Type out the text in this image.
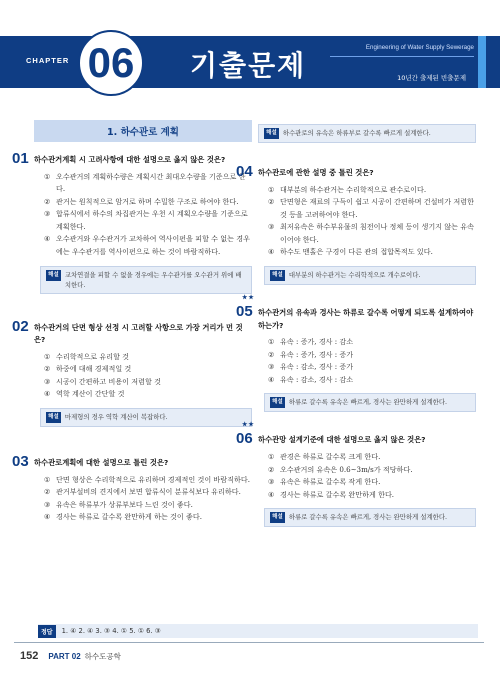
CHAPTER 06 기출문제
Engineering of Water Supply Sewerage
10년간 출제된 빈출문제
1. 하수관로 계획
01 하수관거계획 시 고려사항에 대한 설명으로 옳지 않은 것은?
① 오수관거의 계획하수량은 계획시간 최대오수량을 기준으로 한다.
② 관거는 원칙적으로 암거로 하며 수밀한 구조로 하여야 한다.
③ 합류식에서 하수의 차집관거는 우천 시 계획오수량을 기준으로 계획한다.
④ 오수관거와 우수관거가 교차하여 역사이펀을 피할 수 없는 경우에는 우수관거를 역사이펀으로 하는 것이 바람직하다.
해설 교차연결을 피할 수 없을 경우에는 우수관거를 오수관거 위에 배치한다.
02 하수관거의 단면 형상 선정 시 고려할 사항으로 가장 거리가 먼 것은?
① 수리학적으로 유리할 것
② 하중에 대해 경제적일 것
③ 시공이 간편하고 비용이 저렴할 것
④ 역학 계산이 간단할 것
해설 마제형의 경우 역학 계산이 복잡하다.
03 하수관로계획에 대한 설명으로 틀린 것은?
① 단면 형상은 수리학적으로 유리하며 경제적인 것이 바람직하다.
② 관거부설비의 견지에서 보면 합류식이 분류식보다 유리하다.
③ 유속은 하류부가 상류부보다 느린 것이 좋다.
④ 경사는 하류로 갈수록 완만하게 하는 것이 좋다.
해설 하수관로의 유속은 하류부로 갈수록 빠르게 설계한다.
04 하수관로에 관한 설명 중 틀린 것은?
① 대부분의 하수관거는 수리학적으로 관수로이다.
② 단면형은 재료의 구득이 쉽고 시공이 간편하며 건설비가 저렴한 것 등을 고려하여야 한다.
③ 최저유속은 하수부유물의 침전이나 정체 등이 생기지 않는 유속이어야 한다.
④ 하수도 맨홀은 구경이 다른 관의 접합목적도 있다.
해설 대부분의 하수관거는 수리학적으로 개수로이다.
★★
05 하수관거의 유속과 경사는 하류로 갈수록 어떻게 되도록 설계하여야 하는가?
① 유속 : 증가, 경사 : 감소
② 유속 : 증가, 경사 : 증가
③ 유속 : 감소, 경사 : 증가
④ 유속 : 감소, 경사 : 감소
해설 하류로 갈수록 유속은 빠르게, 경사는 완만하게 설계한다.
★★
06 하수관망 설계기준에 대한 설명으로 옳지 않은 것은?
① 관경은 하류로 갈수록 크게 한다.
② 오수관거의 유속은 0.6~3m/s가 적당하다.
③ 유속은 하류로 갈수록 작게 한다.
④ 경사는 하류로 갈수록 완만하게 한다.
해설 하류로 갈수록 유속은 빠르게, 경사는 완만하게 설계한다.
정답	1. ④ 2. ④ 3. ③ 4. ① 5. ① 6. ③
152 PART 02 하수도공학
